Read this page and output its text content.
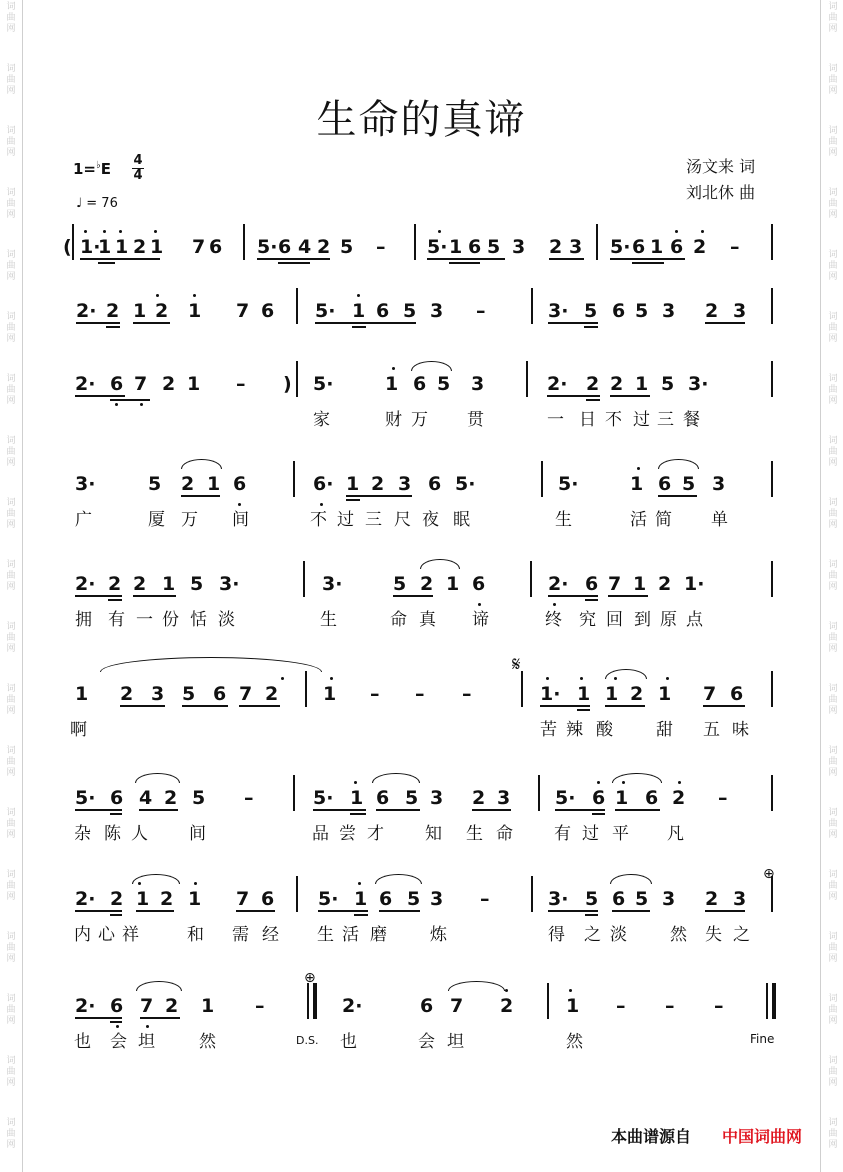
词
曲
网
词
曲
网
词
曲
网
词
曲
网
词
曲
网
词
曲
网
词
曲
网
词
曲
网
词
曲
网
词
曲
网
词
曲
网
词
曲
网
词
曲
网
词
曲
网
词
曲
网
词
曲
网
词
曲
网
词
曲
网
词
曲
网
词
曲
网
词
曲
网
词
曲
网
词
曲
网
词
曲
网
词
曲
网
词
曲
网
词
曲
网
词
曲
网
词
曲
网
词
曲
网
词
曲
网
词
曲
网
词
曲
网
词
曲
网
词
曲
网
词
曲
网
词
曲
网
词
曲
网
生命的真谛
1=♭E 4
4
♩ = 76
汤文来 词
刘北休 曲
( 1·
1 1 2 1 7 6 5· 6 4 2 5 – 5· 1 6 5 3 2 3 5· 6 1 6 2 –
2· 2 1 2 1 7 6 5· 1 6 5 3 –	3· 5 6 5 3 2 3
2· 6 7 2 1 – ) 5·	1 6 5 3	2· 2 2 1 5 3·
家	财 万 贯	一 日 不 过 三 餐
3·	5 2 1 6	6· 1 2 3 6 5·	5·	1 6 5 3
广	厦 万 间	不 过 三 尺 夜 眠	生	活 简 单
2· 2 2 1 5 3·	3·	5 2 1 6	2· 6 7 1 2 1·
拥 有 一 份 恬 淡	生	命 真 谛	终 究 回 到 原 点
1 2 3 5 6 7 2 1 – – –	1· 1 1 2 1 7 6
啊	苦 辣 酸	甜 五 味
5· 6 4 2 5 –	5· 1 6 5 3 2 3 5· 6 1 6 2 –
杂 陈 人 间	品 尝 才 知 生 命 有 过 平 凡
2· 2 1 2 1 7 6 5· 1 6 5 3 –	3· 5 6 5 3 2 3
内 心 祥	和 需 经 生 活 磨	炼	得 之 淡	然 失 之
2· 6 7 2 1 –	2·	6 7 2	1 – – –
也 会 坦	然	也	会 坦	然
𝄋
⊕
⊕
D.S.	Fine
本曲谱源自 中国词曲网
